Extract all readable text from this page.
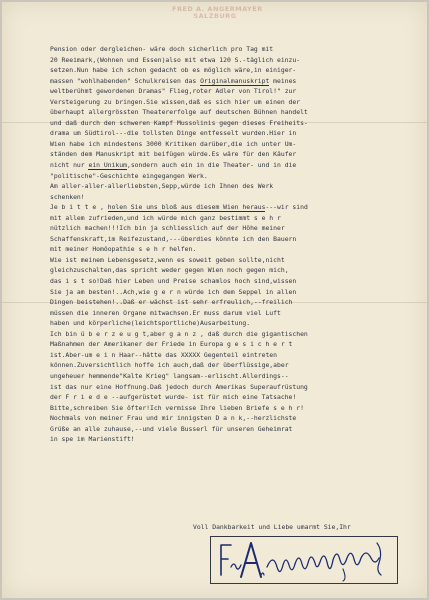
FRED A. ANGERMAYER
SALZBURG
Pension oder dergleichen- wäre doch sicherlich pro Tag mit
20 Reeimark,(Wohnen und Essen)also mit etwa 120 S.-täglich einzu-
setzen.Nun habe ich schon gedacht ob es möglich wäre,in einiger-
massen "wohlhabenden" Schulkreisen das Originalmanuskript meines
weltberühmt gewordenen Dramas" Flieg,roter Adler von Tirol!" zur
Versteigerung zu bringen.Sie wissen,daß es sich hier um einen der
überhaupt allergrössten Theatererfolge auf deutschen Bühnen handelt
und daß durch den schweren Kampf Mussolinis gegen dieses Freiheits-
drama um Südtirol---die tollsten Dinge entfesselt wurden.Hier in
Wien habe ich mindestens 3000 Kritiken darüber,die ich unter Um-
ständen dem Manuskript mit beifügen würde.Es wäre für den Käufer
nicht nur ein Unikum,sondern auch ein in die Theater- und in die
"politische"-Geschichte eingegangen Werk.
Am aller-aller-allerliebsten,Sepp,würde ich Ihnen des Werk
schenken!
Je b i t t e , holen Sie uns bloß aus diesem Wien heraus---wir sind
mit allem zufrieden,und ich würde mich ganz bestimmt s e h r
nützlich machen!!!Ich bin ja schliesslich auf der Höhe meiner
Schaffenskraft,im Reifezustand,---überdies könnte ich den Bauern
mit meiner Homöopathie s e h r helfen.
Wie ist meinem Lebensgesetz,wenn es soweit geben sollte,nicht
gleichzuschalten,das spricht weder gegen Wien noch gegen mich,
das i s t so!Daß hier Leben und Preise schamlos hoch sind,wissen
Sie ja am besten!..Ach,wie g e r n würde ich dem Seppel in allen
Dingen beistehen!..Daß er wächst ist sehr erfreulich,--freilich
müssen die inneren Organe mitwachsen.Er muss darum viel Luft
haben und körperliche(leichtsportliche)Ausarbeitung.
Ich bin ü b e r z e u g t,aber g a n z , daß durch die gigantischen
Maßnahmen der Amerikaner der Friede in Europa g e s i c h e r t
ist.Aber-um e i n Haar--hätte das XXXXX Gegenteil eintreten
können.Zuversichtlich hoffe ich auch,daß der überflüssige,aber
ungeheuer hemmende"Kalte Krieg" langsam--erlischt.Allerdings--
ist das nur eine Hoffnung.Daß jedoch durch Amerikas Superaufrüstung
der F r i e d e --aufgerüstet wurde- ist für mich eine Tatsache!
Bitte,schreiben Sie öfter!Ich vermisse Ihre lieben Briefe s e h r!
Nochmals von meiner Frau und mir innigsten D a n k,--herzlichste
Grüße an alle zuhause,--und viele Busserl für unseren Geheimrat
in spe im Marienstift!
Voll Dankbarkeit und Liebe umarmt Sie,Ihr
